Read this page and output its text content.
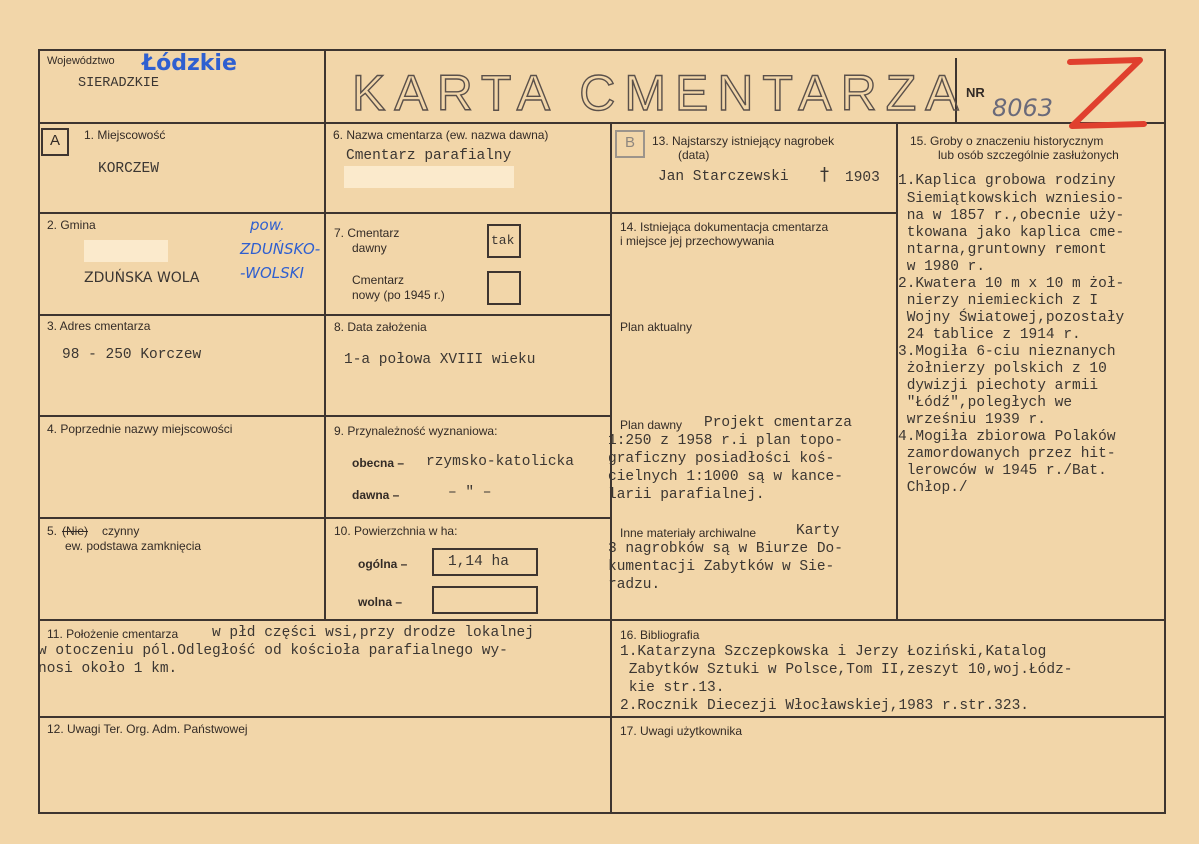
Województwo Łódzkie
SIERADZKIE	KARTA CMENTARZA
NR
8063
A	B
1. Miejscowość
KORCZEW
2. Gmina
ZDUŃSKA WOLA
pow.
ZDUŃSKO-
-WOLSKI
3. Adres cmentarza
98 - 250 Korczew
4. Poprzednie nazwy miejscowości
5. (Nie) czynny
ew. podstawa zamknięcia
6. Nazwa cmentarza (ew. nazwa dawna)
Cmentarz parafialny
7. Cmentarz
dawny	tak
Cmentarz
nowy (po 1945 r.)
8. Data założenia
1-a połowa XVIII wieku
9. Przynależność wyznaniowa:
obecna – rzymsko-katolicka
dawna –	– " –
10. Powierzchnia w ha:
ogólna –	1,14 ha
wolna –
11. Położenie cmentarza w płd części wsi,przy drodze lokalnej
w otoczeniu pól.Odległość od kościoła parafialnego wy-
nosi około 1 km.
12. Uwagi Ter. Org. Adm. Państwowej
13. Najstarszy istniejący nagrobek
(data)
Jan Starczewski † 1903
14. Istniejąca dokumentacja cmentarza
i miejsce jej przechowywania
Plan aktualny
Plan dawny Projekt cmentarza
1:250 z 1958 r.i plan topo-
graficzny posiadłości koś-
cielnych 1:1000 są w kance-
larii parafialnej.
Inne materiały archiwalne	Karty
3 nagrobków są w Biurze Do-
kumentacji Zabytków w Sie-
radzu.
15. Groby o znaczeniu historycznym
lub osób szczególnie zasłużonych
1.Kaplica grobowa rodziny
Siemiątkowskich wzniesio-
na w 1857 r.,obecnie uży-
tkowana jako kaplica cme-
ntarna,gruntowny remont
w 1980 r.
2.Kwatera 10 m x 10 m żoł-
nierzy niemieckich z I
Wojny Światowej,pozostały
24 tablice z 1914 r.
3.Mogiła 6-ciu nieznanych
żołnierzy polskich z 10
dywizji piechoty armii
"Łódź",poległych we
wrześniu 1939 r.
4.Mogiła zbiorowa Polaków
zamordowanych przez hit-
lerowców w 1945 r./Bat.
Chłop./
16. Bibliografia
1.Katarzyna Szczepkowska i Jerzy Łoziński,Katalog
Zabytków Sztuki w Polsce,Tom II,zeszyt 10,woj.Łódz-
kie str.13.
2.Rocznik Diecezji Włocławskiej,1983 r.str.323.
17. Uwagi użytkownika
